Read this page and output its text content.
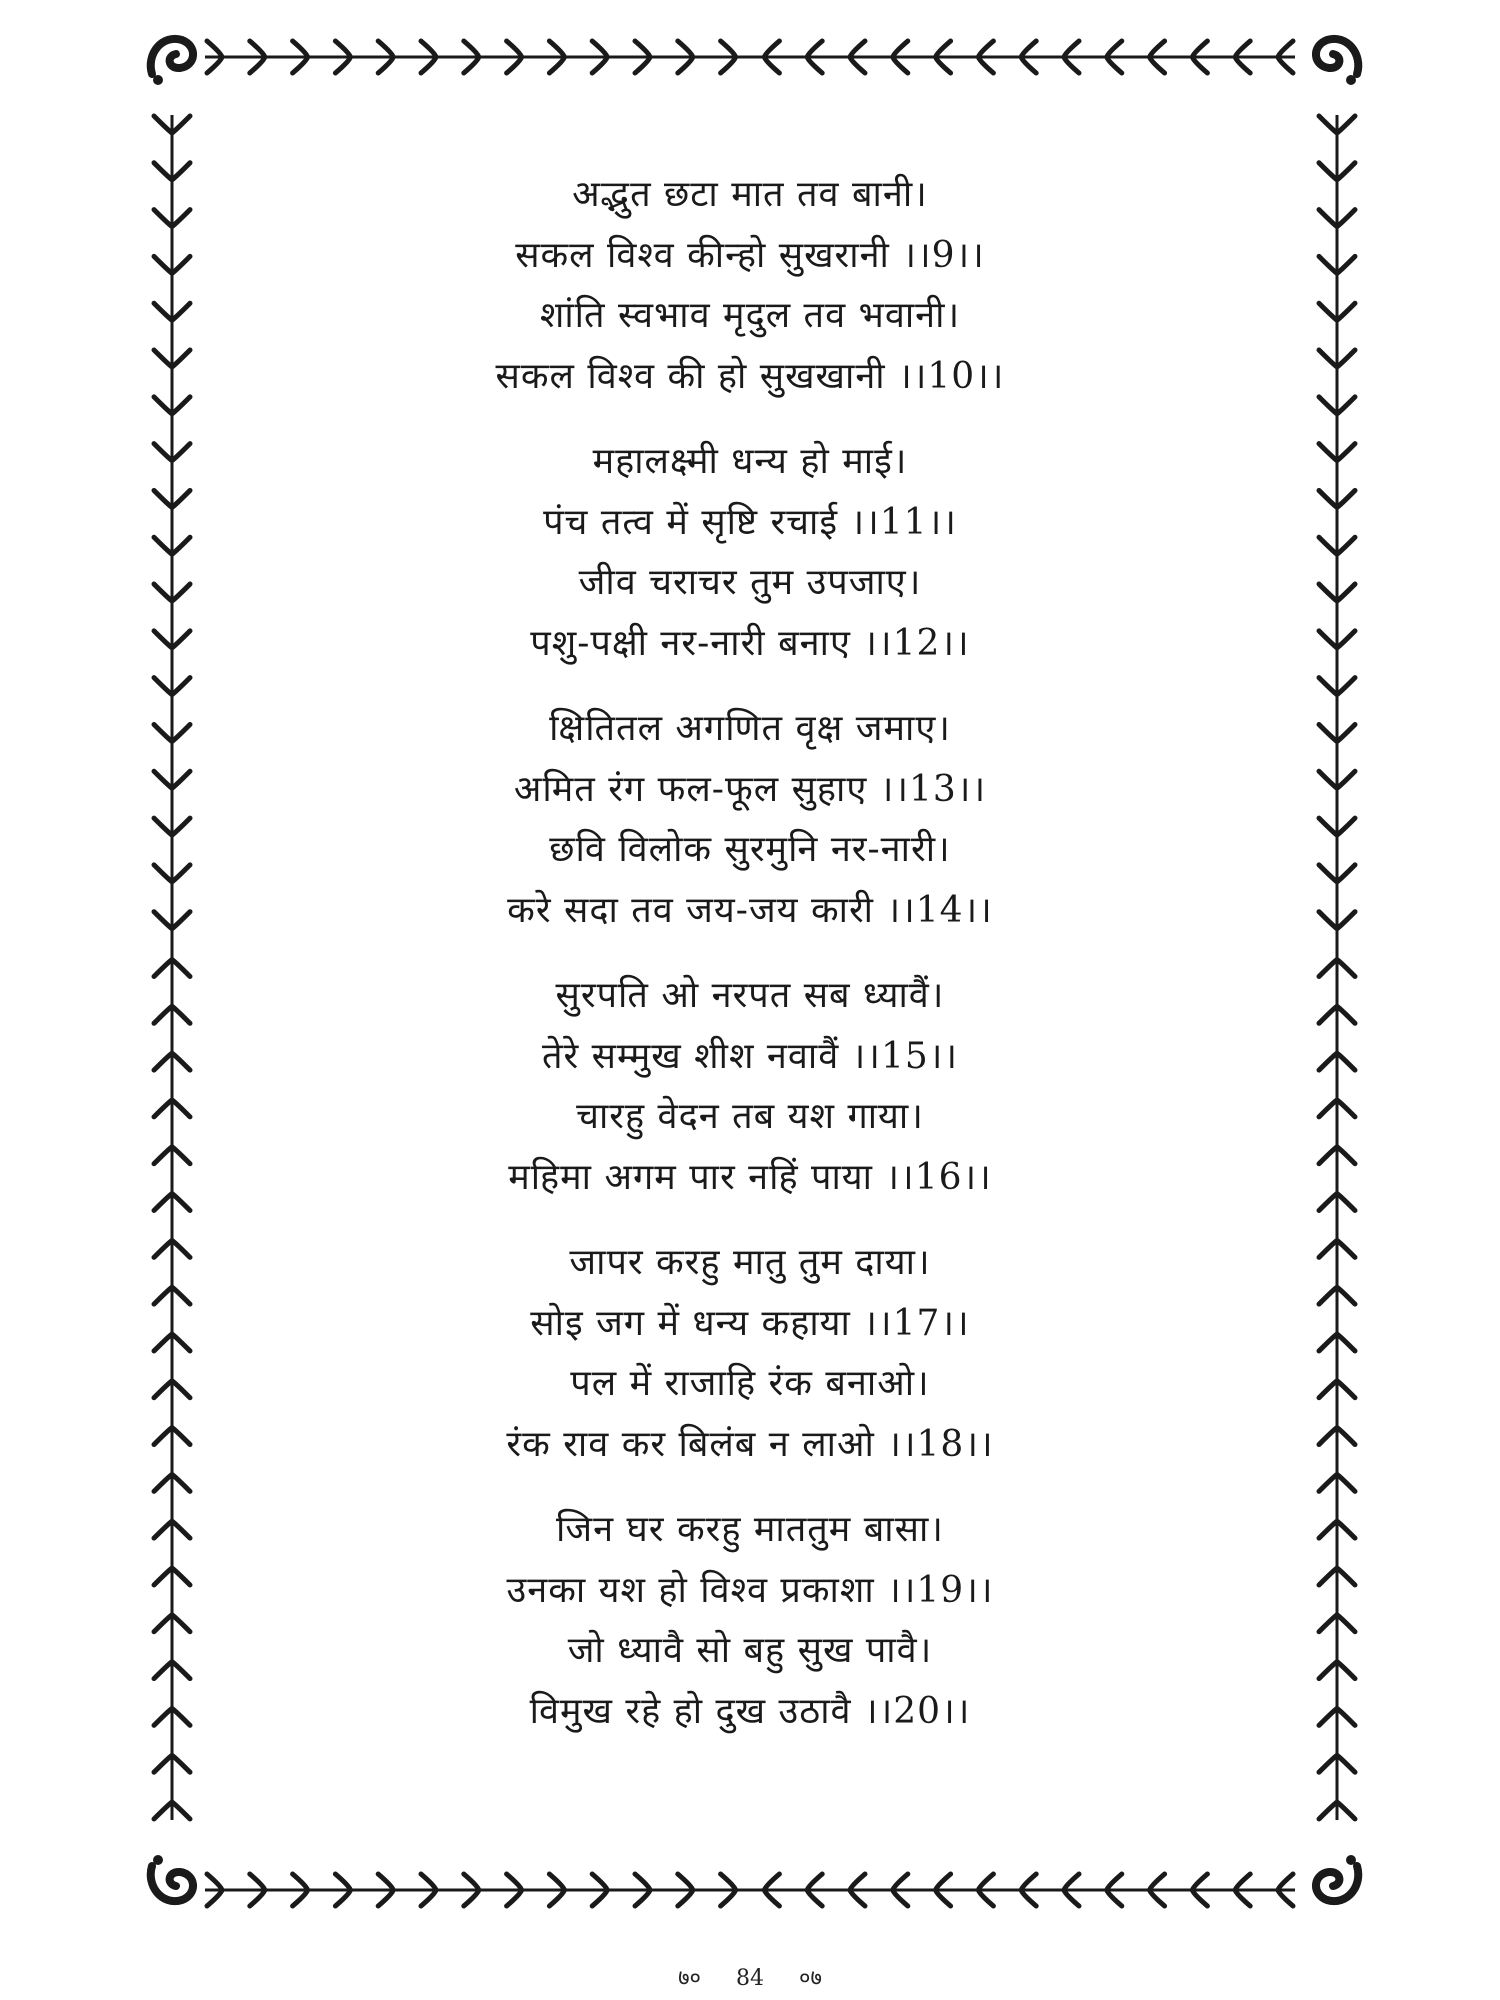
अद्भुत छटा मात तव बानी।
सकल विश्व कीन्हो सुखरानी ।।9।।
शांति स्वभाव मृदुल तव भवानी।
सकल विश्व की हो सुखखानी ।।10।।
महालक्ष्मी धन्य हो माई।
पंच तत्व में सृष्टि रचाई ।।11।।
जीव चराचर तुम उपजाए।
पशु-पक्षी नर-नारी बनाए ।।12।।
क्षितितल अगणित वृक्ष जमाए।
अमित रंग फल-फूल सुहाए ।।13।।
छवि विलोक सुरमुनि नर-नारी।
करे सदा तव जय-जय कारी ।।14।।
सुरपति ओ नरपत सब ध्यावैं।
तेरे सम्मुख शीश नवावैं ।।15।।
चारहु वेदन तब यश गाया।
महिमा अगम पार नहिं पाया ।।16।।
जापर करहु मातु तुम दाया।
सोइ जग में धन्य कहाया ।।17।।
पल में राजाहि रंक बनाओ।
रंक राव कर बिलंब न लाओ ।।18।।
जिन घर करहु माततुम बासा।
उनका यश हो विश्व प्रकाशा ।।19।।
जो ध्यावै सो बहु सुख पावै।
विमुख रहे हो दुख उठावै ।।20।।
७० 84 ०७
